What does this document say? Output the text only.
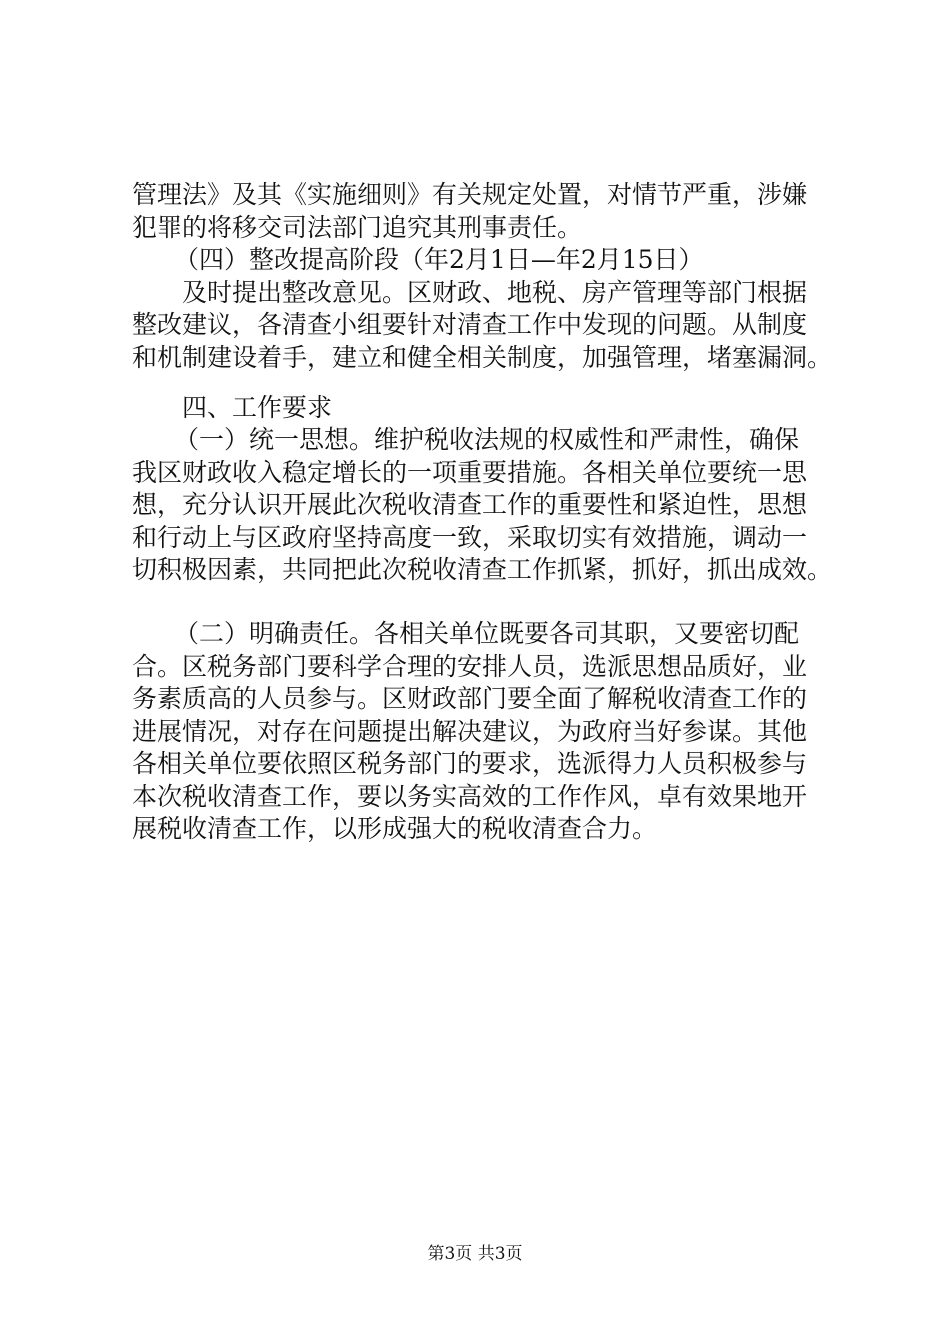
管理法》及其《实施细则》有关规定处置，对情节严重，涉嫌
犯罪的将移交司法部门追究其刑事责任。
（四）整改提高阶段（年2月1日—年2月15日）
及时提出整改意见。区财政、地税、房产管理等部门根据
整改建议，各清查小组要针对清查工作中发现的问题。从制度
和机制建设着手，建立和健全相关制度，加强管理，堵塞漏洞。
四、工作要求
（一）统一思想。维护税收法规的权威性和严肃性，确保
我区财政收入稳定增长的一项重要措施。各相关单位要统一思
想，充分认识开展此次税收清查工作的重要性和紧迫性，思想
和行动上与区政府坚持高度一致，采取切实有效措施，调动一
切积极因素，共同把此次税收清查工作抓紧，抓好，抓出成效。
（二）明确责任。各相关单位既要各司其职，又要密切配
合。区税务部门要科学合理的安排人员，选派思想品质好，业
务素质高的人员参与。区财政部门要全面了解税收清查工作的
进展情况，对存在问题提出解决建议，为政府当好参谋。其他
各相关单位要依照区税务部门的要求，选派得力人员积极参与
本次税收清查工作，要以务实高效的工作作风，卓有效果地开
展税收清查工作，以形成强大的税收清查合力。
第3页 共3页
